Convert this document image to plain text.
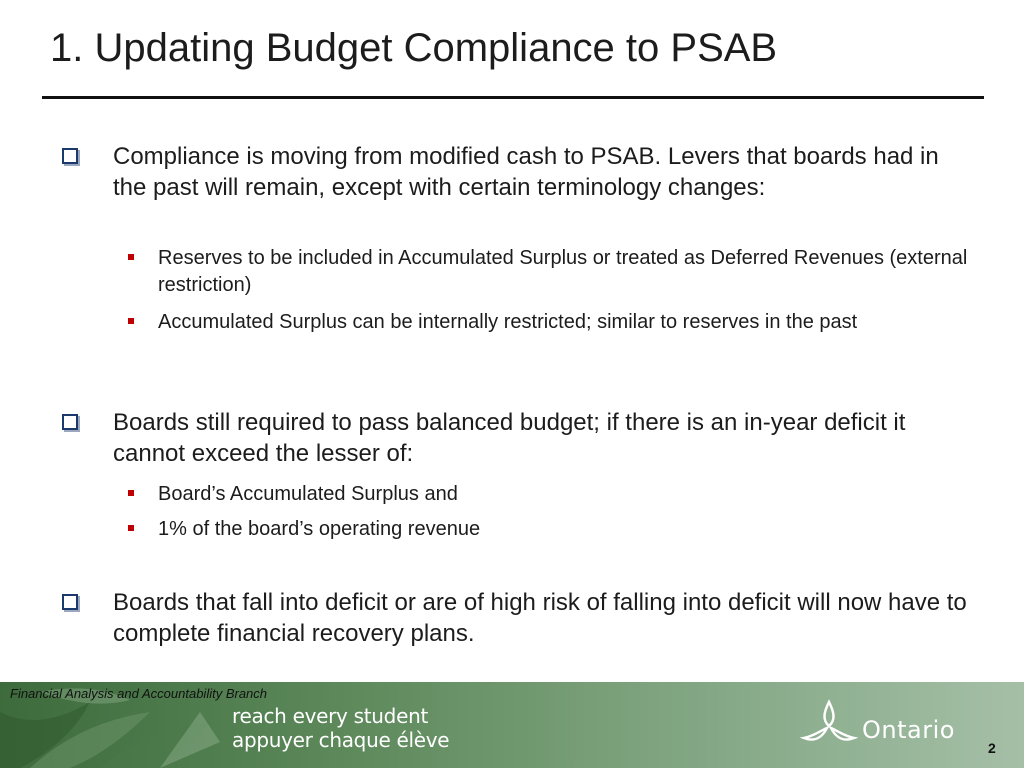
1. Updating Budget Compliance to PSAB
Compliance is moving from modified cash to PSAB. Levers that boards had in the past will remain, except with certain terminology changes:
Reserves to be included in Accumulated Surplus or treated as Deferred Revenues (external restriction)
Accumulated Surplus can be internally restricted; similar to reserves in the past
Boards still required to pass balanced budget; if there is an in-year deficit it cannot exceed the lesser of:
Board’s Accumulated Surplus and
1% of the board’s operating revenue
Boards that fall into deficit or are of high risk of falling into deficit will now have to complete financial recovery plans.
Financial Analysis and Accountability Branch
reach every student
appuyer chaque élève	Ontario
2
